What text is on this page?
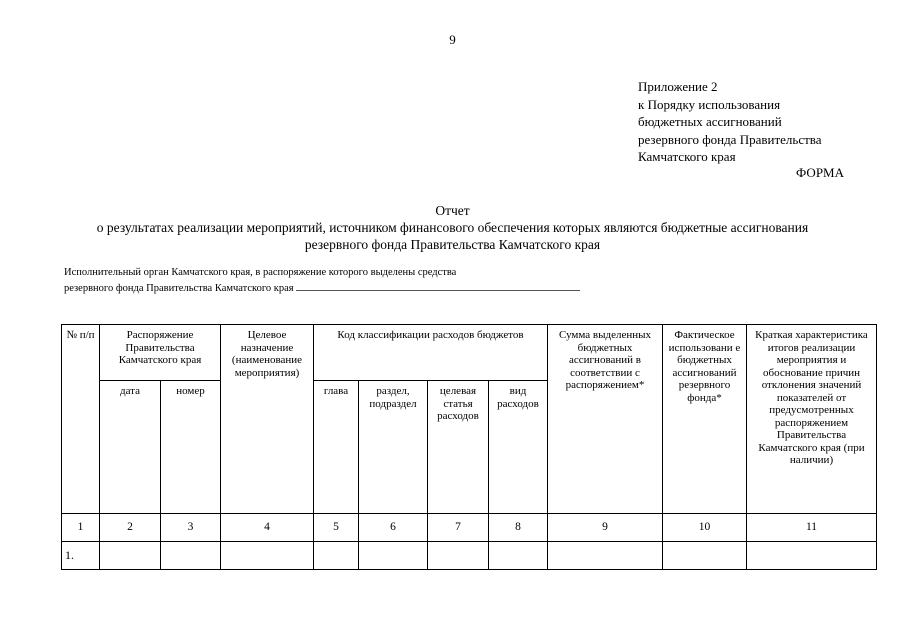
9
Приложение 2
к Порядку использования
бюджетных ассигнований
резервного фонда Правительства
Камчатского края
ФОРМА
Отчет
о результатах реализации мероприятий, источником финансового обеспечения которых являются бюджетные ассигнования
резервного фонда Правительства Камчатского края
Исполнительный орган Камчатского края, в распоряжение которого выделены средства
резервного фонда Правительства Камчатского края
№ п/п	Распоряжение Правительства Камчатского края		Целевое назначение (наименование мероприятия)	Код классификации расходов бюджетов				Сумма выделенных бюджетных ассигнований в соответствии с распоряжением*	Фактическое использовани е бюджетных ассигнований резервного фонда*	Краткая характеристика итогов реализации мероприятия и обоснование причин отклонения значений показателей от предусмотренных распоряжением Правительства Камчатского края (при наличии)
	дата	номер		глава	раздел, подраздел	целевая статья расходов	вид расходов			
1	2	3	4	5	6	7	8	9	10	11
1.										
